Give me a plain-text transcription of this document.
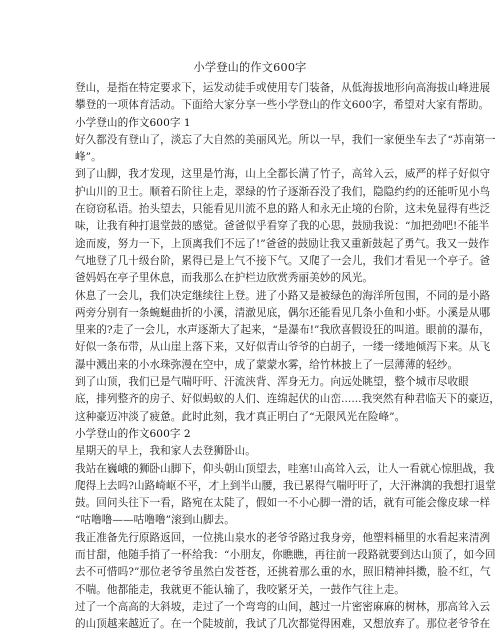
小学登山的作文600字
登山，是指在特定要求下，运发动徒手或使用专门装备，从低海拔地形向高海拔山峰进展
攀登的一项体育活动。下面给大家分享一些小学登山的作文600字，希望对大家有帮助。
小学登山的作文600字 1
好久都没有登山了，淡忘了大自然的美丽风光。所以一早，我们一家便坐车去了“苏南第一
峰”。
到了山脚，我才发现，这里是竹海，山上全都长满了竹子，高耸入云，威严的样子好似守
护山川的卫士。顺着石阶往上走，翠绿的竹子逐渐吞没了我们，隐隐约约的还能听见小鸟
在窃窃私语。抬头望去，只能看见川流不息的路人和永无止境的台阶，这未免显得有些泛
味，让我有种打退堂鼓的感觉。爸爸似乎看穿了我的心思，鼓励我说：“加把劲吧!不能半
途而废，努力一下，上顶离我们不远了!”爸爸的鼓励让我又重新鼓起了勇气。我又一鼓作
气地登了几十级台阶，累得已是上气不接下气。又爬了一会儿，我们才看见一个亭子。爸
爸妈妈在亭子里休息，而我那么在护栏边欣赏秀丽美妙的风光。
休息了一会儿，我们决定继续往上登。进了小路又是被绿色的海洋所包围，不同的是小路
两旁分别有一条蜿蜒曲折的小溪，清澈见底，偶尔还能看见几条小鱼和小虾。小溪是从哪
里来的?走了一会儿，水声逐渐大了起来，“是瀑布!”我欣喜假设狂的叫道。眼前的瀑布，
好似一条布带，从山崖上落下来，又好似青山爷爷的白胡子，一缕一缕地倾泻下来。从飞
瀑中溅出来的小水珠弥漫在空中，成了蒙蒙水雾，给竹林披上了一层薄薄的轻纱。
到了山顶，我们已是气喘吁吁、汗流浃背、浑身无力。向远处眺望，整个城市尽收眼
底，排列整齐的房子、好似蚂蚁的人们、连绵起伏的山峦......我突然有种君临天下的豪迈，
这种豪迈冲淡了疲惫。此时此刻，我才真正明白了“无限风光在险峰”。
小学登山的作文600字 2
星期天的早上，我和家人去登狮卧山。
我站在巍峨的狮卧山脚下，仰头朝山顶望去，哇塞!山高耸入云，让人一看就心惊胆战，我
爬得上去吗?山路崎岖不平，才上到半山腰，我已累得气喘吁吁了，大汗淋漓的我想打退堂
鼓。回问头往下一看，路宛在太陡了，假如一不小心脚一滑的话，就有可能会像皮球一样
“咕噜噜——咕噜噜”滚到山脚去。
我正准备先行原路返回，一位挑山泉水的老爷爷路过我身旁，他塑料桶里的水看起来清冽
而甘甜，他随手捎了一杯给我：“小朋友，你瞧瞧，再往前一段路就要到达山顶了，如今回
去不可惜吗?”那位老爷爷虽然白发苍苍，还挑着那么重的水，照旧精神抖擞，脸不红，气
不喘。他都能走，我就更不能认输了，我咬紧牙关，一鼓作气往上走。
过了一个高高的大斜坡，走过了一个弯弯的山间，越过一片密密麻麻的树林，那高耸入云
的山顶越来越近了。在一个陡坡前，我试了几次都觉得困难，又想放弃了。那位老爷爷在
